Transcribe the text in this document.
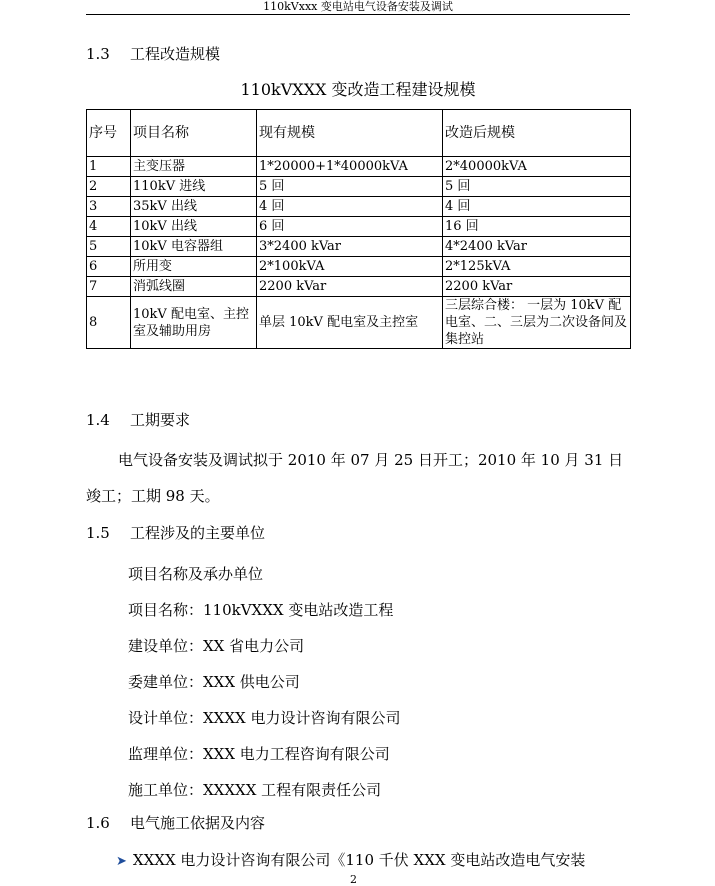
110kVxxx 变电站电气设备安装及调试
1.3 工程改造规模
110kVXXX 变改造工程建设规模
序号	项目名称	现有规模	改造后规模
1	主变压器	1*20000+1*40000kVA	2*40000kVA
2	110kV 进线	5 回	5 回
3	35kV 出线	4 回	4 回
4	10kV 出线	6 回	16 回
5	10kV 电容器组	3*2400 kVar	4*2400 kVar
6	所用变	2*100kVA	2*125kVA
7	消弧线圈	2200 kVar	2200 kVar
8	10kV 配电室、主控室及辅助用房	单层 10kV 配电室及主控室	三层综合楼： 一层为 10kV 配电室、二、三层为二次设备间及集控站
1.4 工期要求
电气设备安装及调试拟于 2010 年 07 月 25 日开工；2010 年 10 月 31 日
竣工；工期 98 天。
1.5 工程涉及的主要单位
项目名称及承办单位
项目名称：110kVXXX 变电站改造工程
建设单位：XX 省电力公司
委建单位：XXX 供电公司
设计单位：XXXX 电力设计咨询有限公司
监理单位：XXX 电力工程咨询有限公司
施工单位：XXXXX 工程有限责任公司
1.6 电气施工依据及内容
➤ XXXX 电力设计咨询有限公司《110 千伏 XXX 变电站改造电气安装
2
